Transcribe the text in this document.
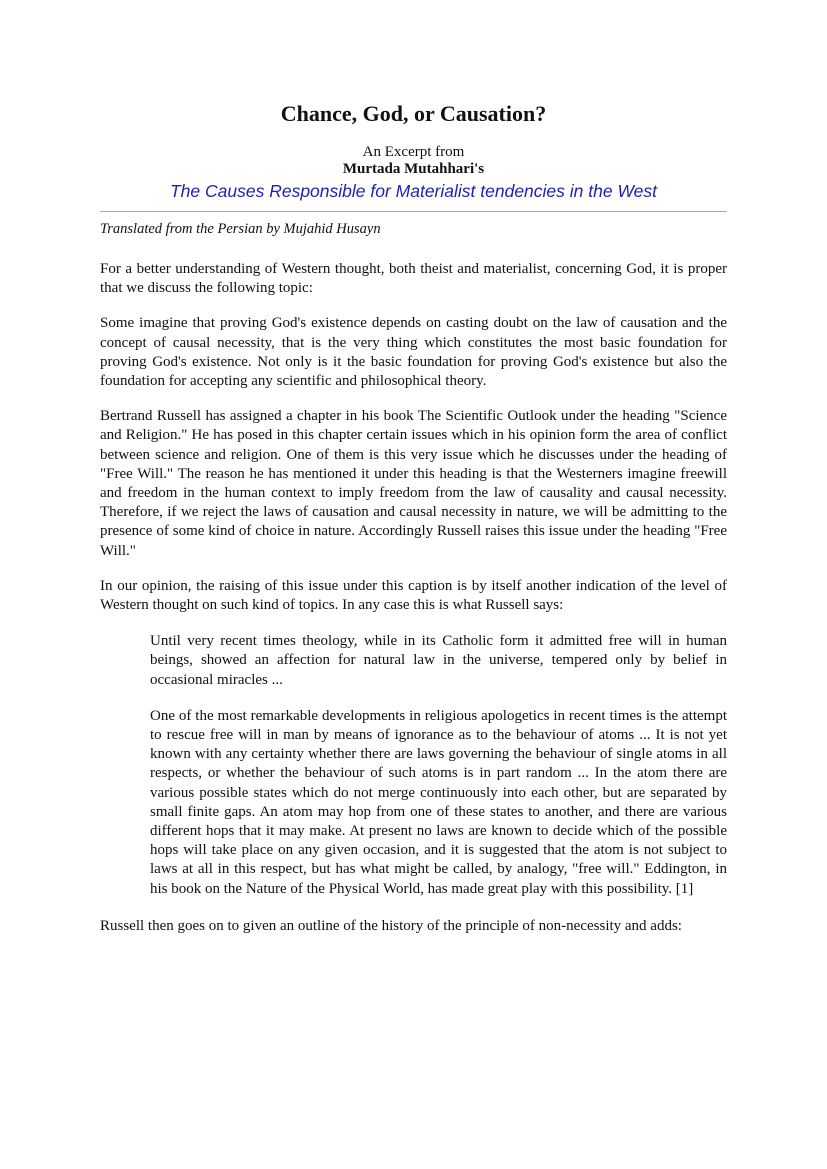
Chance, God, or Causation?
An Excerpt from
Murtada Mutahhari's
The Causes Responsible for Materialist tendencies in the West
Translated from the Persian by Mujahid Husayn

For a better understanding of Western thought, both theist and materialist, concerning God, it is proper that we discuss the following topic:

Some imagine that proving God's existence depends on casting doubt on the law of causation and the concept of causal necessity, that is the very thing which constitutes the most basic foundation for proving God's existence. Not only is it the basic foundation for proving God's existence but also the foundation for accepting any scientific and philosophical theory.

Bertrand Russell has assigned a chapter in his book The Scientific Outlook under the heading "Science and Religion." He has posed in this chapter certain issues which in his opinion form the area of conflict between science and religion. One of them is this very issue which he discusses under the heading of "Free Will." The reason he has mentioned it under this heading is that the Westerners imagine freewill and freedom in the human context to imply freedom from the law of causality and causal necessity. Therefore, if we reject the laws of causation and causal necessity in nature, we will be admitting to the presence of some kind of choice in nature. Accordingly Russell raises this issue under the heading "Free Will."

In our opinion, the raising of this issue under this caption is by itself another indication of the level of Western thought on such kind of topics. In any case this is what Russell says:

Until very recent times theology, while in its Catholic form it admitted free will in human beings, showed an affection for natural law in the universe, tempered only by belief in occasional miracles ...

One of the most remarkable developments in religious apologetics in recent times is the attempt to rescue free will in man by means of ignorance as to the behaviour of atoms ... It is not yet known with any certainty whether there are laws governing the behaviour of single atoms in all respects, or whether the behaviour of such atoms is in part random ... In the atom there are various possible states which do not merge continuously into each other, but are separated by small finite gaps. An atom may hop from one of these states to another, and there are various different hops that it may make. At present no laws are known to decide which of the possible hops will take place on any given occasion, and it is suggested that the atom is not subject to laws at all in this respect, but has what might be called, by analogy, "free will." Eddington, in his book on the Nature of the Physical World, has made great play with this possibility. [1]

Russell then goes on to given an outline of the history of the principle of non-necessity and adds:
